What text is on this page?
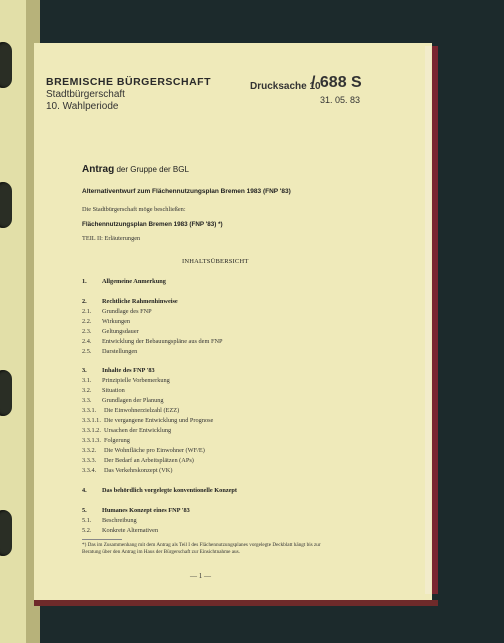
BREMISCHE BÜRGERSCHAFT
Stadtbürgerschaft
10. Wahlperiode
Drucksache 10
/ 688 S
31. 05. 83
Antrag der Gruppe der BGL
Alternativentwurf zum Flächennutzungsplan Bremen 1983 (FNP '83)
Die Stadtbürgerschaft möge beschließen:
Flächennutzungsplan Bremen 1983 (FNP '83) *)
TEIL II: Erläuterungen
INHALTSÜBERSICHT
1. Allgemeine Anmerkung
2. Rechtliche Rahmenhinweise
2.1. Grundlage des FNP
2.2. Wirkungen
2.3. Geltungsdauer
2.4. Entwicklung der Bebauungspläne aus dem FNP
2.5. Darstellungen
3. Inhalte des FNP '83
3.1. Prinzipielle Vorbemerkung
3.2. Situation
3.3. Grundlagen der Planung
3.3.1. Die Einwohnerzielzahl (EZZ)
3.3.1.1. Die vergangene Entwicklung und Prognose
3.3.1.2. Ursachen der Entwicklung
3.3.1.3. Folgerung
3.3.2. Die Wohnfläche pro Einwohner (WF/E)
3.3.3. Der Bedarf an Arbeitsplätzen (APs)
3.3.4. Das Verkehrskonzept (VK)
4. Das behördlich vorgelegte konventionelle Konzept
5. Humanes Konzept eines FNP '83
5.1. Beschreibung
5.2. Konkrete Alternativen
*) Das im Zusammenhang mit dem Antrag als Teil I des Flächennutzungsplanes vorgelegte Deckblatt hängt bis zur Beratung über den Antrag im Haus der Bürgerschaft zur Einsichtnahme aus.
— 1 —
